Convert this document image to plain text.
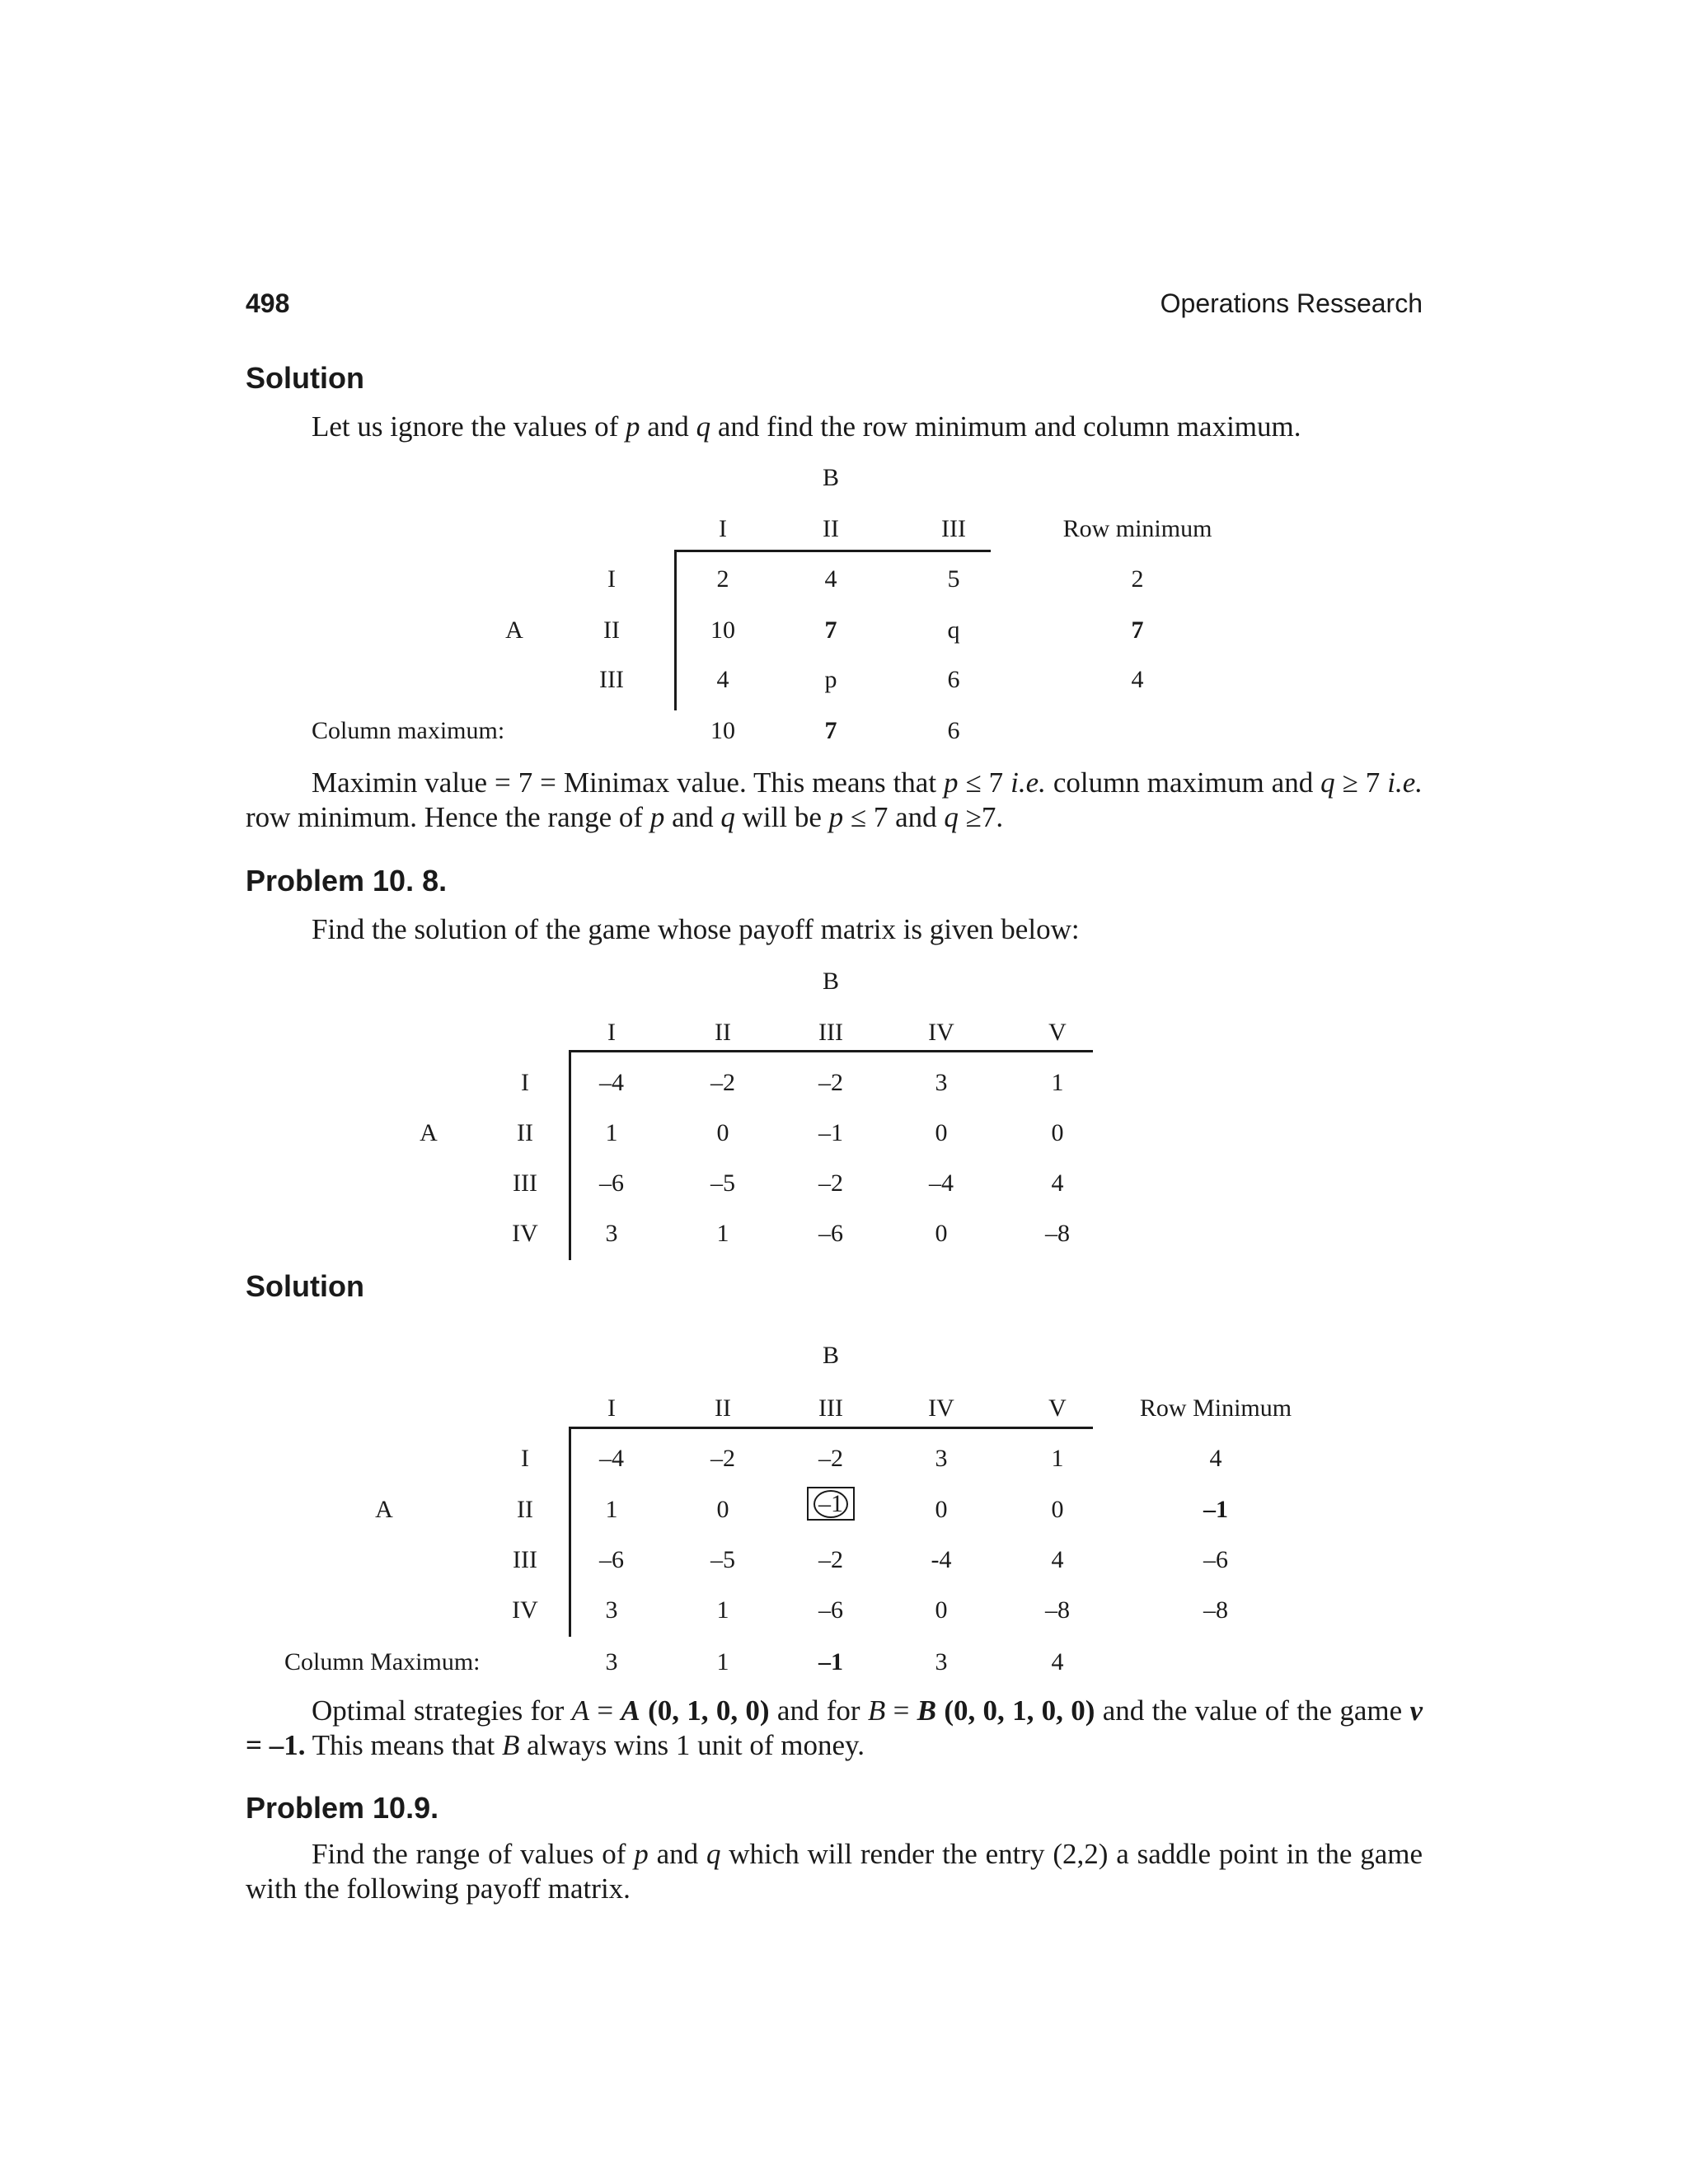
498	Operations Ressearch
Solution
Let us ignore the values of p and q and find the row minimum and column maximum.
B
I	II	III	Row minimum
A
I	2	4	5	2
II	10	7	q	7
III	4	p	6	4
Column maximum:	10	7	6
Maximin value = 7 = Minimax value. This means that p ≤ 7 i.e. column maximum and q ≥ 7 i.e. row minimum. Hence the range of p and q will be p ≤ 7 and q ≥7.
Problem 10. 8.
Find the solution of the game whose payoff matrix is given below:
B
I	II	III	IV	V
A
I	–4	–2	–2	3	1
II	1	0	–1	0	0
III	–6	–5	–2	–4	4
IV	3	1	–6	0	–8
Solution
B
I	II	III	IV	V	Row Minimum
A
I	–4	–2	–2	3	1	4
II	1	0	–1	0	0	–1
III	–6	–5	–2	-4	4	–6
IV	3	1	–6	0	–8	–8
Column Maximum:	3	1	–1	3	4
Optimal strategies for A = A (0, 1, 0, 0) and for B = B (0, 0, 1, 0, 0) and the value of the game v = –1. This means that B always wins 1 unit of money.
Problem 10.9.
Find the range of values of p and q which will render the entry (2,2) a saddle point in the game with the following payoff matrix.
